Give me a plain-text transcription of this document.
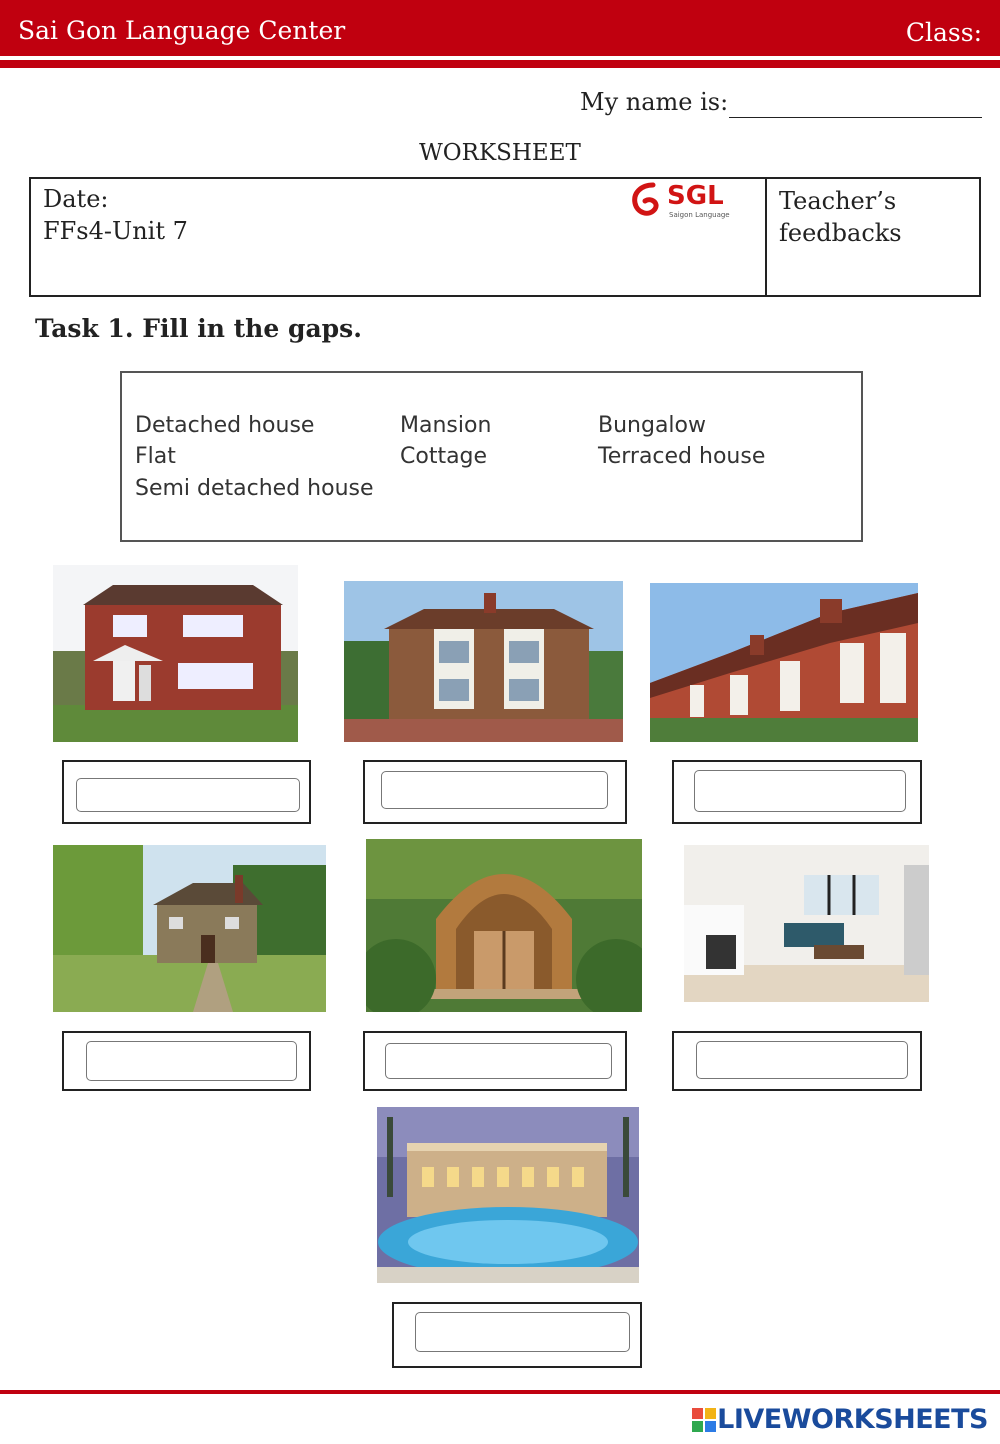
Sai Gon Language Center	Class:
My name is:
WORKSHEET
Date:
FFs4-Unit 7
SGL
Saigon Language Teacher’s feedbacks
Task 1. Fill in the gaps.
Detached house	Mansion	Bungalow
Flat	Cottage	Terraced house
Semi detached house
LIVEWORKSHEETS
